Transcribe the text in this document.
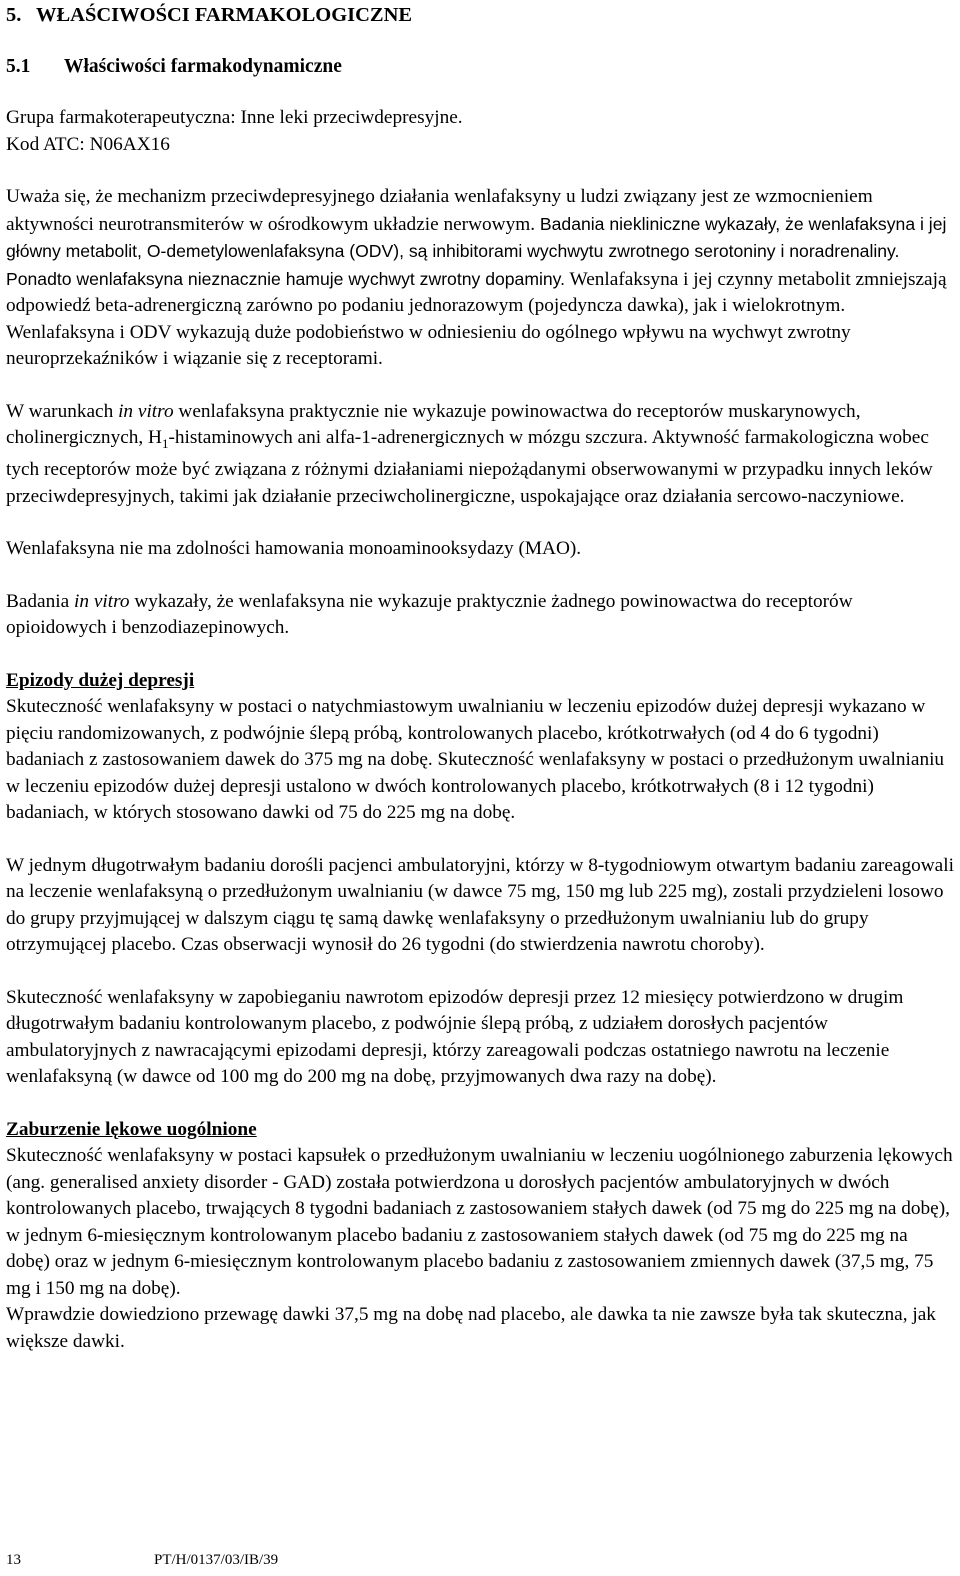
5. WŁAŚCIWOŚCI FARMAKOLOGICZNE

5.1 Właściwości farmakodynamiczne

Grupa farmakoterapeutyczna: Inne leki przeciwdepresyjne.

Kod ATC: N06AX16

Uważa się, że mechanizm przeciwdepresyjnego działania wenlafaksyny u ludzi związany jest ze wzmocnieniem aktywności neurotransmiterów w ośrodkowym układzie nerwowym. Badania niekliniczne wykazały, że wenlafaksyna i jej główny metabolit, O-demetylowenlafaksyna (ODV), są inhibitorami wychwytu zwrotnego serotoniny i noradrenaliny. Ponadto wenlafaksyna nieznacznie hamuje wychwyt zwrotny dopaminy. Wenlafaksyna i jej czynny metabolit zmniejszają odpowiedź beta-adrenergiczną zarówno po podaniu jednorazowym (pojedyncza dawka), jak i wielokrotnym. Wenlafaksyna i ODV wykazują duże podobieństwo w odniesieniu do ogólnego wpływu na wychwyt zwrotny neuroprzekaźników i wiązanie się z receptorami.

W warunkach in vitro wenlafaksyna praktycznie nie wykazuje powinowactwa do receptorów muskarynowych, cholinergicznych, $H_1$-histaminowych ani alfa-1-adrenergicznych w mózgu szczura. Aktywność farmakologiczna wobec tych receptorów może być związana z różnymi działaniami niepożądanymi obserwowanymi w przypadku innych leków przeciwdepresyjnych, takimi jak działanie przeciwcholinergiczne, uspokajające oraz działania sercowo-naczyniowe.

Wenlafaksyna nie ma zdolności hamowania monoaminooksydazy (MAO).

Badania in vitro wykazały, że wenlafaksyna nie wykazuje praktycznie żadnego powinowactwa do receptorów opioidowych i benzodiazepinowych.

Epizody dużej depresji

Skuteczność wenlafaksyny w postaci o natychmiastowym uwalnianiu w leczeniu epizodów dużej depresji wykazano w pięciu randomizowanych, z podwójnie ślepą próbą, kontrolowanych placebo, krótkotrwałych (od 4 do 6 tygodni) badaniach z zastosowaniem dawek do 375 mg na dobę. Skuteczność wenlafaksyny w postaci o przedłużonym uwalnianiu w leczeniu epizodów dużej depresji ustalono w dwóch kontrolowanych placebo, krótkotrwałych (8 i 12 tygodni) badaniach, w których stosowano dawki od 75 do 225 mg na dobę.

W jednym długotrwałym badaniu dorośli pacjenci ambulatoryjni, którzy w 8-tygodniowym otwartym badaniu zareagowali na leczenie wenlafaksyną o przedłużonym uwalnianiu (w dawce 75 mg, 150 mg lub 225 mg), zostali przydzieleni losowo do grupy przyjmującej w dalszym ciągu tę samą dawkę wenlafaksyny o przedłużonym uwalnianiu lub do grupy otrzymującej placebo. Czas obserwacji wynosił do 26 tygodni (do stwierdzenia nawrotu choroby).

Skuteczność wenlafaksyny w zapobieganiu nawrotom epizodów depresji przez 12 miesięcy potwierdzono w drugim długotrwałym badaniu kontrolowanym placebo, z podwójnie ślepą próbą, z udziałem dorosłych pacjentów ambulatoryjnych z nawracającymi epizodami depresji, którzy zareagowali podczas ostatniego nawrotu na leczenie wenlafaksyną (w dawce od 100 mg do 200 mg na dobę, przyjmowanych dwa razy na dobę).

Zaburzenie lękowe uogólnione

Skuteczność wenlafaksyny w postaci kapsułek o przedłużonym uwalnianiu w leczeniu uogólnionego zaburzenia lękowych (ang. generalised anxiety disorder - GAD) została potwierdzona u dorosłych pacjentów ambulatoryjnych w dwóch kontrolowanych placebo, trwających 8 tygodni badaniach z zastosowaniem stałych dawek (od 75 mg do 225 mg na dobę), w jednym 6-miesięcznym kontrolowanym placebo badaniu z zastosowaniem stałych dawek (od 75 mg do 225 mg na dobę) oraz w jednym 6-miesięcznym kontrolowanym placebo badaniu z zastosowaniem zmiennych dawek (37,5 mg, 75 mg i 150 mg na dobę).

Wprawdzie dowiedziono przewagę dawki 37,5 mg na dobę nad placebo, ale dawka ta nie zawsze była tak skuteczna, jak większe dawki.

13	PT/H/0137/03/IB/39
